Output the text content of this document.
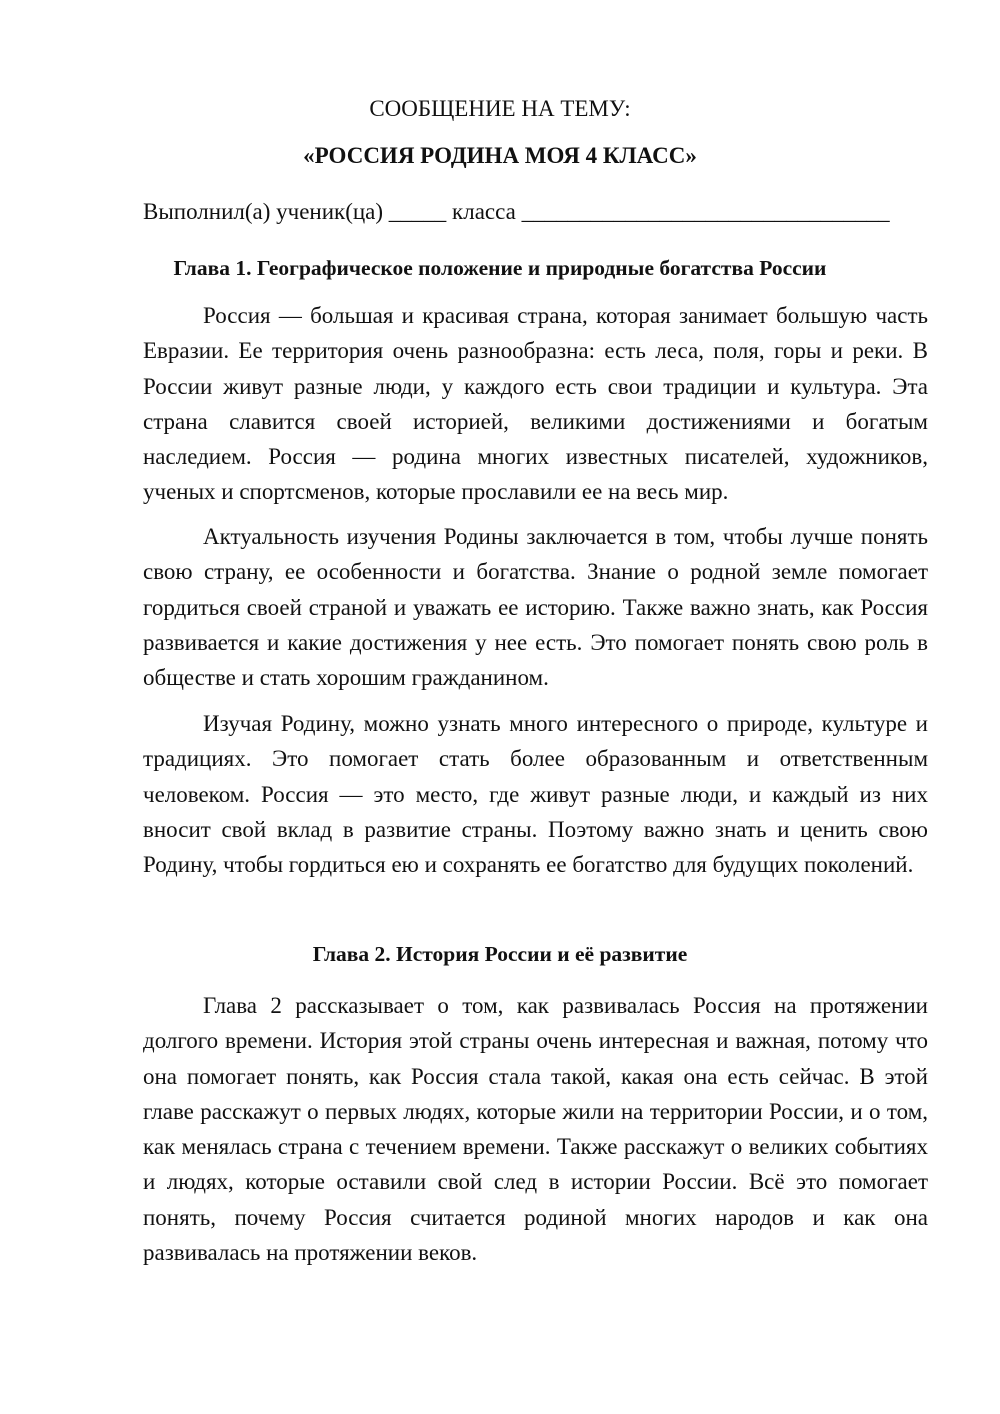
СООБЩЕНИЕ НА ТЕМУ:
«РОССИЯ РОДИНА МОЯ 4 КЛАСС»
Выполнил(а) ученик(ца) _____ класса ________________________________
Глава 1. Географическое положение и природные богатства России

Россия — большая и красивая страна, которая занимает большую часть Евразии. Ее территория очень разнообразна: есть леса, поля, горы и реки. В России живут разные люди, у каждого есть свои традиции и культура. Эта страна славится своей историей, великими достижениями и богатым наследием. Россия — родина многих известных писателей, художников, ученых и спортсменов, которые прославили ее на весь мир.

Актуальность изучения Родины заключается в том, чтобы лучше понять свою страну, ее особенности и богатства. Знание о родной земле помогает гордиться своей страной и уважать ее историю. Также важно знать, как Россия развивается и какие достижения у нее есть. Это помогает понять свою роль в обществе и стать хорошим гражданином.

Изучая Родину, можно узнать много интересного о природе, культуре и традициях. Это помогает стать более образованным и ответственным человеком. Россия — это место, где живут разные люди, и каждый из них вносит свой вклад в развитие страны. Поэтому важно знать и ценить свою Родину, чтобы гордиться ею и сохранять ее богатство для будущих поколений.

Глава 2. История России и её развитие

Глава 2 рассказывает о том, как развивалась Россия на протяжении долгого времени. История этой страны очень интересная и важная, потому что она помогает понять, как Россия стала такой, какая она есть сейчас. В этой главе расскажут о первых людях, которые жили на территории России, и о том, как менялась страна с течением времени. Также расскажут о великих событиях и людях, которые оставили свой след в истории России. Всё это помогает понять, почему Россия считается родиной многих народов и как она развивалась на протяжении веков.
